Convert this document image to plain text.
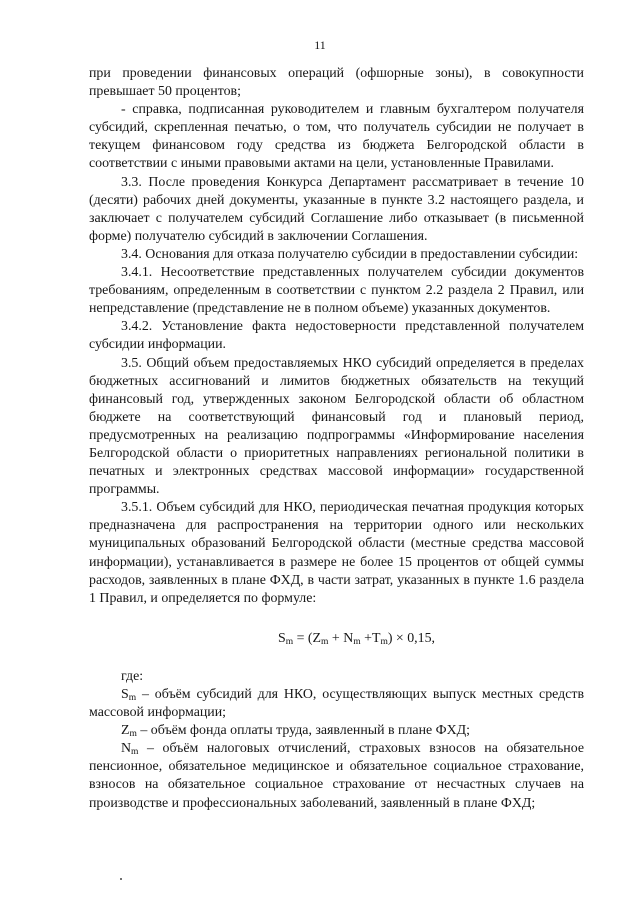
11

при проведении финансовых операций (офшорные зоны), в совокупности превышает 50 процентов;

- справка, подписанная руководителем и главным бухгалтером получателя субсидий, скрепленная печатью, о том, что получатель субсидии не получает в текущем финансовом году средства из бюджета Белгородской области в соответствии с иными правовыми актами на цели, установленные Правилами.

3.3. После проведения Конкурса Департамент рассматривает в течение 10 (десяти) рабочих дней документы, указанные в пункте 3.2 настоящего раздела, и заключает с получателем субсидий Соглашение либо отказывает (в письменной форме) получателю субсидий в заключении Соглашения.

3.4. Основания для отказа получателю субсидии в предоставлении субсидии:

3.4.1. Несоответствие представленных получателем субсидии документов требованиям, определенным в соответствии с пунктом 2.2 раздела 2 Правил, или непредставление (представление не в полном объеме) указанных документов.

3.4.2. Установление факта недостоверности представленной получателем субсидии информации.

3.5. Общий объем предоставляемых НКО субсидий определяется в пределах бюджетных ассигнований и лимитов бюджетных обязательств на текущий финансовый год, утвержденных законом Белгородской области об областном бюджете на соответствующий финансовый год и плановый период, предусмотренных на реализацию подпрограммы «Информирование населения Белгородской области о приоритетных направлениях региональной политики в печатных и электронных средствах массовой информации» государственной программы.

3.5.1. Объем субсидий для НКО, периодическая печатная продукция которых предназначена для распространения на территории одного или нескольких муниципальных образований Белгородской области (местные средства массовой информации), устанавливается в размере не более 15 процентов от общей суммы расходов, заявленных в плане ФХД, в части затрат, указанных в пункте 1.6 раздела 1 Правил, и определяется по формуле:

$S_m = (Z_m + N_m +T_m) \times 0,15$,

где:

$S_m$ – объём субсидий для НКО, осуществляющих выпуск местных средств массовой информации;

$Z_m$ – объём фонда оплаты труда, заявленный в плане ФХД;

$N_m$ – объём налоговых отчислений, страховых взносов на обязательное пенсионное, обязательное медицинское и обязательное социальное страхование, взносов на обязательное социальное страхование от несчастных случаев на производстве и профессиональных заболеваний, заявленный в плане ФХД;
